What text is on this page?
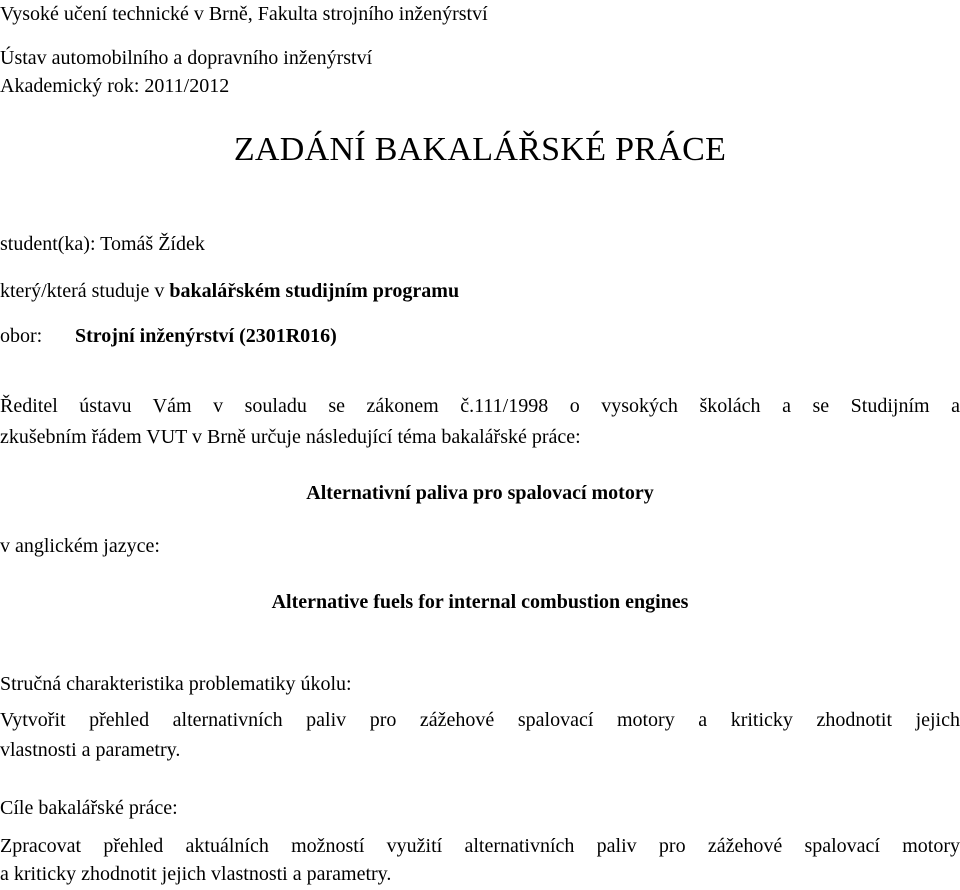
Vysoké učení technické v Brně, Fakulta strojního inženýrství
Ústav automobilního a dopravního inženýrství
Akademický rok: 2011/2012
ZADÁNÍ BAKALÁŘSKÉ PRÁCE
student(ka): Tomáš Žídek
který/která studuje v bakalářském studijním programu
obor: Strojní inženýrství (2301R016)
Ředitel ústavu Vám v souladu se zákonem č.111/1998 o vysokých školách a se Studijním a
zkušebním řádem VUT v Brně určuje následující téma bakalářské práce:
Alternativní paliva pro spalovací motory
v anglickém jazyce:
Alternative fuels for internal combustion engines
Stručná charakteristika problematiky úkolu:
Vytvořit přehled alternativních paliv pro zážehové spalovací motory a kriticky zhodnotit jejich
vlastnosti a parametry.
Cíle bakalářské práce:
Zpracovat přehled aktuálních možností využití alternativních paliv pro zážehové spalovací motory
a kriticky zhodnotit jejich vlastnosti a parametry.
